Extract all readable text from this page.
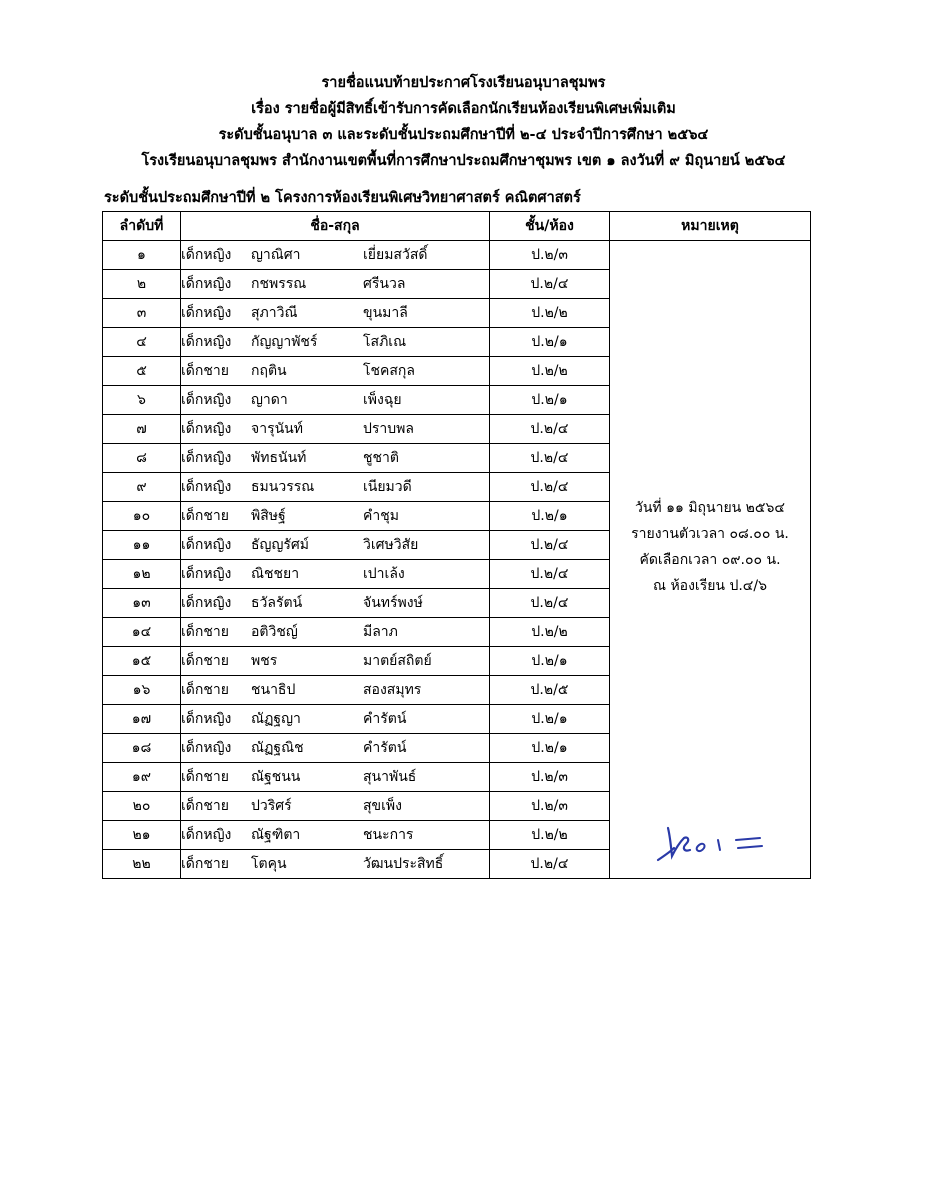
รายชื่อแนบท้ายประกาศโรงเรียนอนุบาลชุมพร
เรื่อง รายชื่อผู้มีสิทธิ์เข้ารับการคัดเลือกนักเรียนห้องเรียนพิเศษเพิ่มเติม
ระดับชั้นอนุบาล ๓ และระดับชั้นประถมศึกษาปีที่ ๒-๔ ประจำปีการศึกษา ๒๕๖๔
โรงเรียนอนุบาลชุมพร สำนักงานเขตพื้นที่การศึกษาประถมศึกษาชุมพร เขต ๑ ลงวันที่ ๙ มิถุนายน์ ๒๕๖๔
ระดับชั้นประถมศึกษาปีที่ ๒ โครงการห้องเรียนพิเศษวิทยาศาสตร์ คณิตศาสตร์
ลำดับที่	ชื่อ-สกุล	ชั้น/ห้อง	หมายเหตุ
๑	เด็กหญิง ญาณิศา เยี่ยมสวัสดิ์	ป.๒/๓	วันที่ ๑๑ มิถุนายน ๒๕๖๔
รายงานตัวเวลา ๐๘.๐๐ น.
คัดเลือกเวลา ๐๙.๐๐ น.
ณ ห้องเรียน ป.๔/๖

๒	เด็กหญิง กชพรรณ ศรีนวล	ป.๒/๔	
๓	เด็กหญิง สุภาวิณี ขุนมาลี	ป.๒/๒	
๔	เด็กหญิง กัญญาพัชร์ โสภิเณ	ป.๒/๑	
๕	เด็กชาย กฤติน โชคสกุล	ป.๒/๒	
๖	เด็กหญิง ญาดา เพ็งฉุย	ป.๒/๑	
๗	เด็กหญิง จารุนันท์ ปราบพล	ป.๒/๔	
๘	เด็กหญิง พัทธนันท์ ชูชาติ	ป.๒/๔	
๙	เด็กหญิง ธมนวรรณ เนียมวดี	ป.๒/๔	
๑๐	เด็กชาย พิสิษฐ์ คำชุม	ป.๒/๑	
๑๑	เด็กหญิง ธัญญรัศม์ วิเศษวิสัย	ป.๒/๔	
๑๒	เด็กหญิง ณิชชยา เปาเล้ง	ป.๒/๔	
๑๓	เด็กหญิง ธวัลรัตน์ จันทร์พงษ์	ป.๒/๔	
๑๔	เด็กชาย อติวิชญ์ มีลาภ	ป.๒/๒	
๑๕	เด็กชาย พชร มาตย์สถิตย์	ป.๒/๑	
๑๖	เด็กชาย ชนาธิป สองสมุทร	ป.๒/๕	
๑๗	เด็กหญิง ณัฏฐญา คำรัตน์	ป.๒/๑	
๑๘	เด็กหญิง ณัฏฐณิช คำรัตน์	ป.๒/๑	
๑๙	เด็กชาย ณัฐชนน สุนาพันธ์	ป.๒/๓	
๒๐	เด็กชาย ปวริศร์ สุขเพ็ง	ป.๒/๓	
๒๑	เด็กหญิง ณัฐฑิตา ชนะการ	ป.๒/๒	
๒๒	เด็กชาย โตคุน วัฒนประสิทธิ์	ป.๒/๔	
